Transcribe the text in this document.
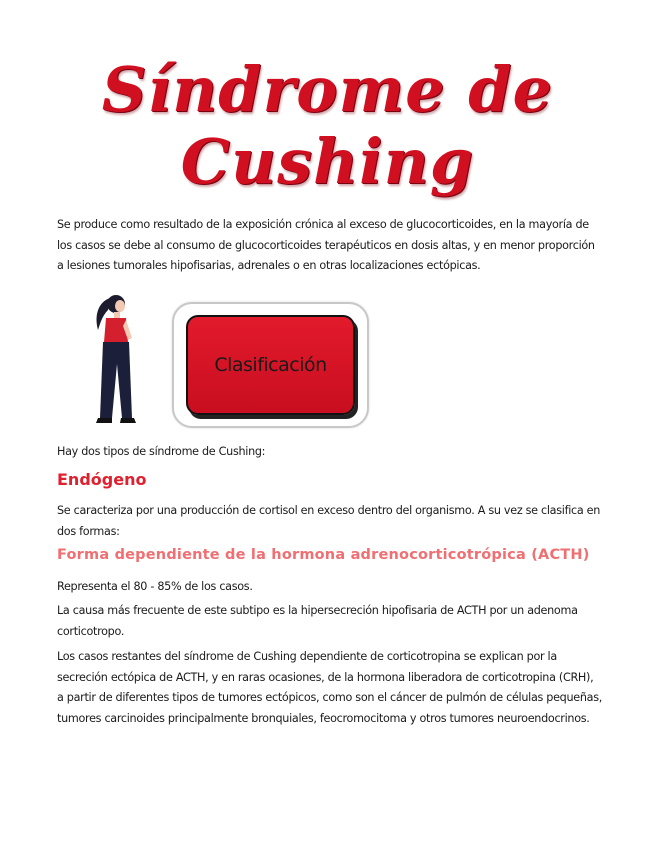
Síndrome de
Cushing

Se produce como resultado de la exposición crónica al exceso de glucocorticoides, en la mayoría de los casos se debe al consumo de glucocorticoides terapéuticos en dosis altas, y en menor proporción a lesiones tumorales hipofisarias, adrenales o en otras localizaciones ectópicas.

Clasificación

Hay dos tipos de síndrome de Cushing:

Endógeno

Se caracteriza por una producción de cortisol en exceso dentro del organismo. A su vez se clasifica en dos formas:

Forma dependiente de la hormona adrenocorticotrópica (ACTH)

Representa el 80 - 85% de los casos.

La causa más frecuente de este subtipo es la hipersecreción hipofisaria de ACTH por un adenoma corticotropo.

Los casos restantes del síndrome de Cushing dependiente de corticotropina se explican por la secreción ectópica de ACTH, y en raras ocasiones, de la hormona liberadora de corticotropina (CRH), a partir de diferentes tipos de tumores ectópicos, como son el cáncer de pulmón de células pequeñas, tumores carcinoides principalmente bronquiales, feocromocitoma y otros tumores neuroendocrinos.
